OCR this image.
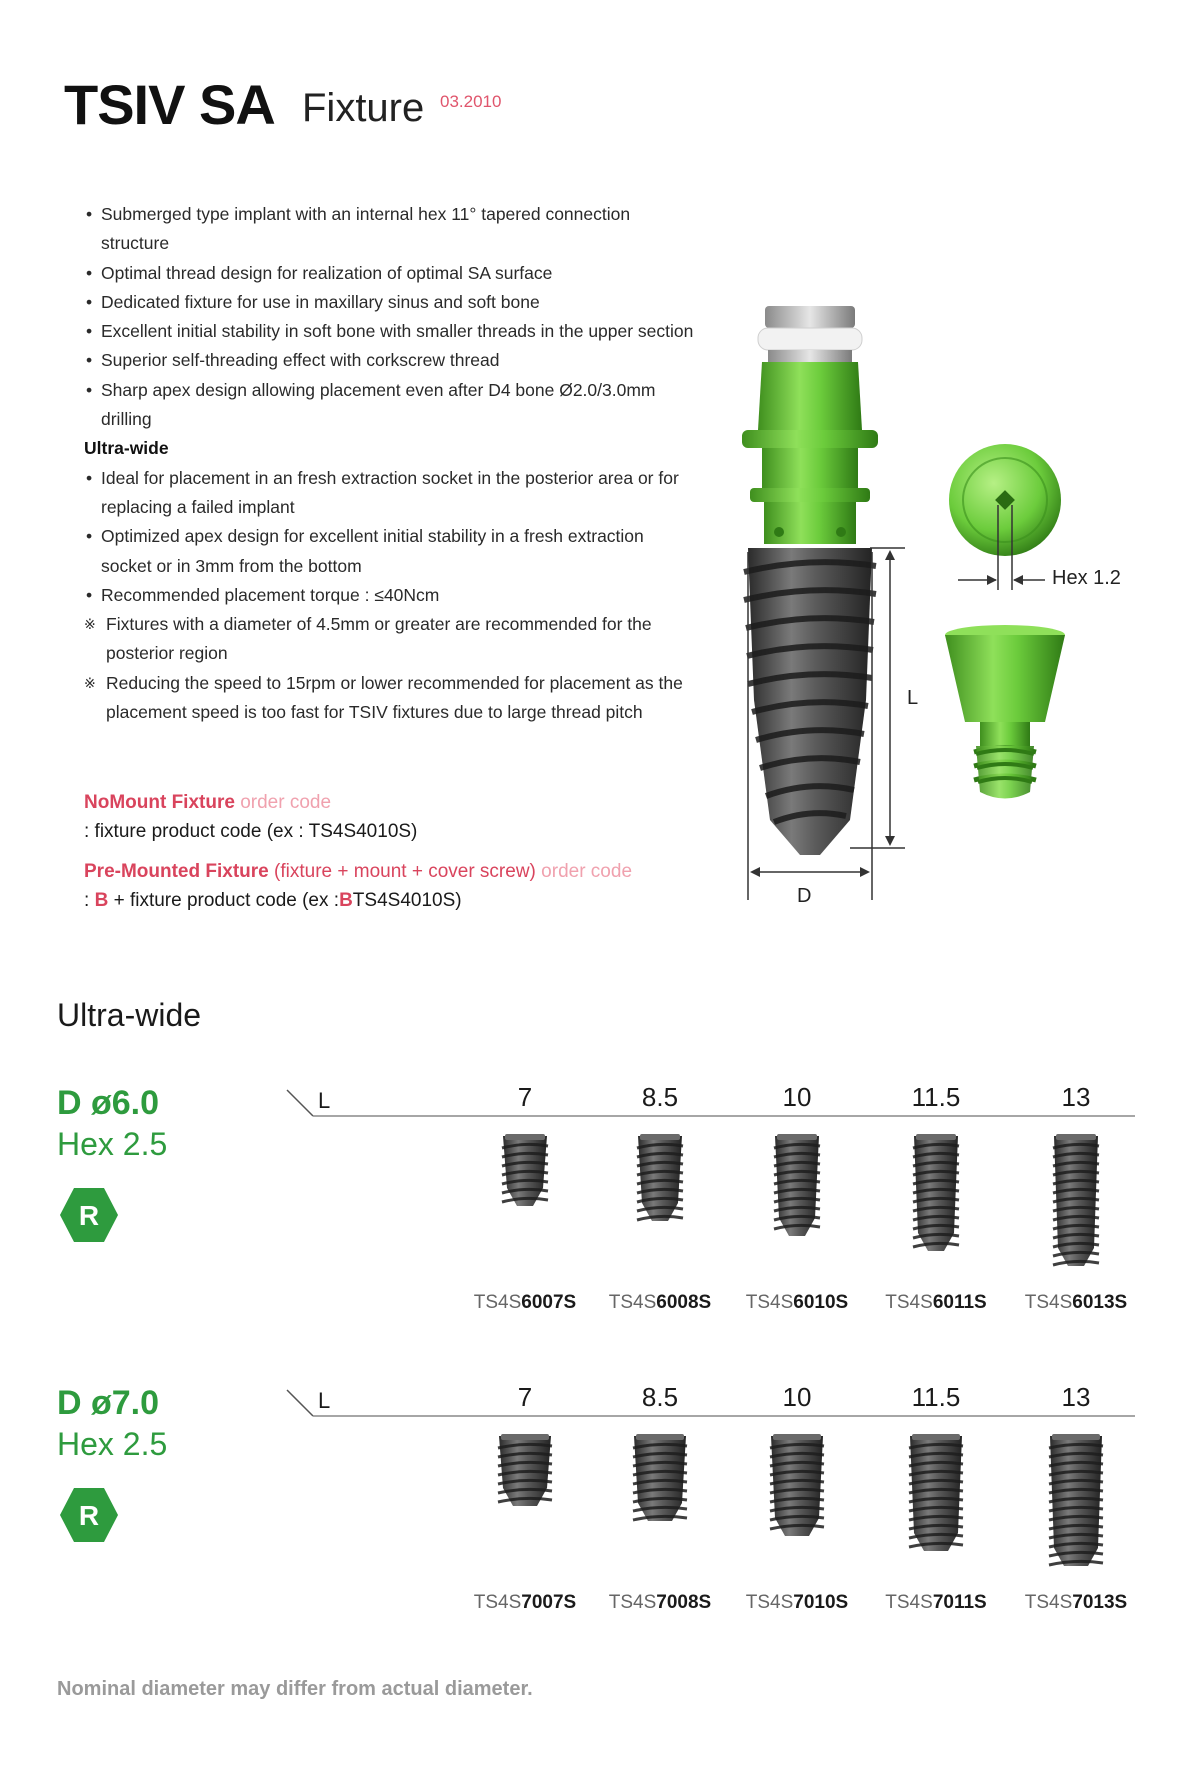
TSIV SA Fixture 03.2010
• Submerged type implant with an internal hex 11° tapered connection structure
• Optimal thread design for realization of optimal SA surface
• Dedicated fixture for use in maxillary sinus and soft bone
• Excellent initial stability in soft bone with smaller threads in the upper section
• Superior self-threading effect with corkscrew thread
• Sharp apex design allowing placement even after D4 bone Ø2.0/3.0mm drilling
Ultra-wide
• Ideal for placement in an fresh extraction socket in the posterior area or for replacing a failed implant
• Optimized apex design for excellent initial stability in a fresh extraction socket or in 3mm from the bottom
• Recommended placement torque : ≤40Ncm
※ Fixtures with a diameter of 4.5mm or greater are recommended for the posterior region
※ Reducing the speed to 15rpm or lower recommended for placement as the placement speed is too fast for TSIV fixtures due to large thread pitch
NoMount Fixture order code
: fixture product code (ex : TS4S4010S)
Pre-Mounted Fixture (fixture + mount + cover screw) order code
: B + fixture product code (ex :BTS4S4010S)
Hex 1.2
L
D
Ultra-wide
D ø6.0
Hex 2.5
R
L	7
TS4S6007S
8.5
TS4S6008S
10
TS4S6010S
11.5
TS4S6011S
13
TS4S6013S
D ø7.0
Hex 2.5
R
L	7
TS4S7007S
8.5
TS4S7008S
10
TS4S7010S
11.5
TS4S7011S
13
TS4S7013S
Nominal diameter may differ from actual diameter.
